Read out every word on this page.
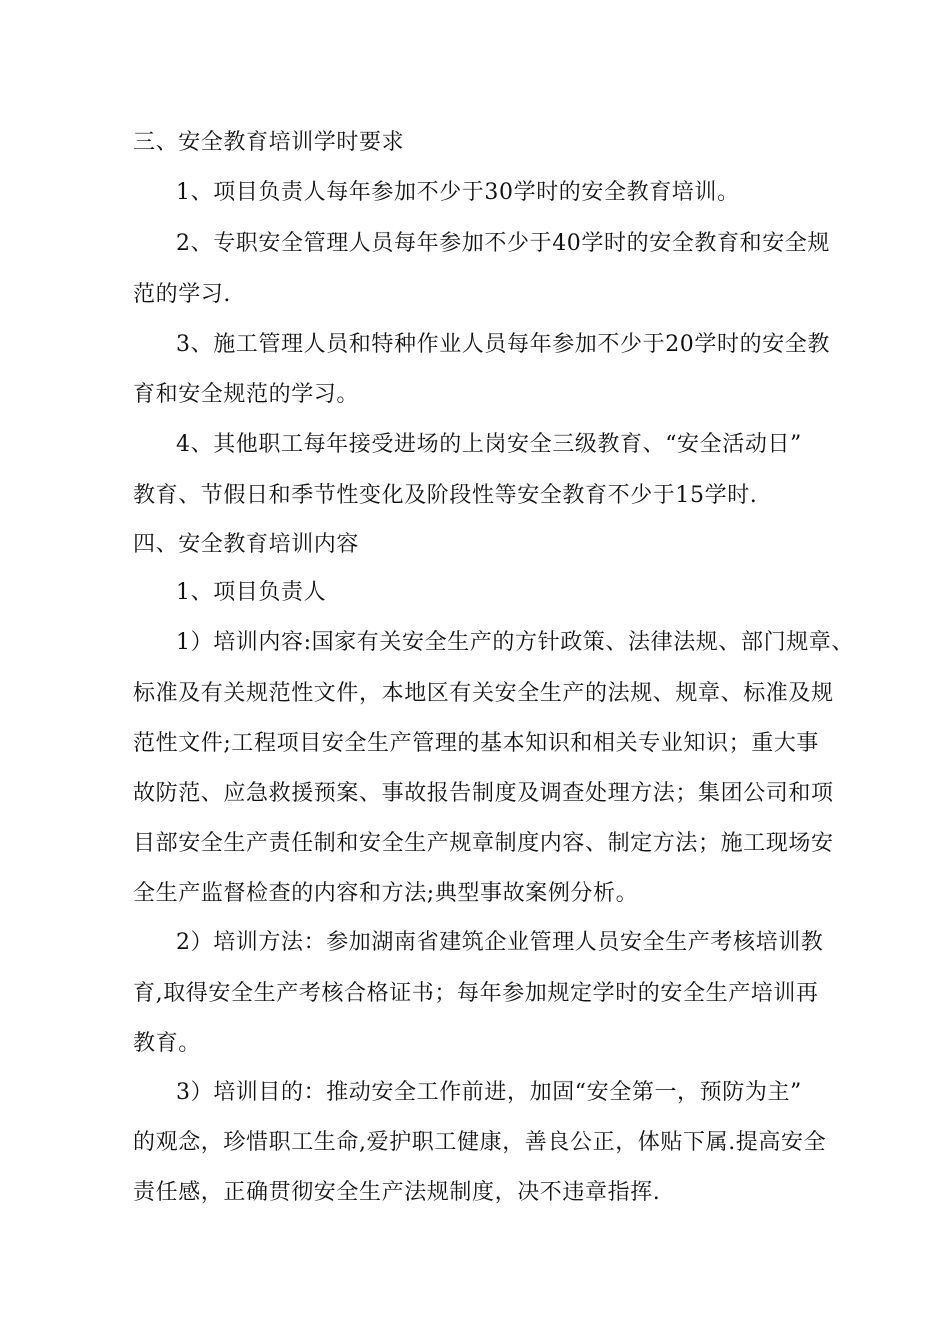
三、安全教育培训学时要求
1、项目负责人每年参加不少于30学时的安全教育培训。
2、专职安全管理人员每年参加不少于40学时的安全教育和安全规
范的学习.
3、施工管理人员和特种作业人员每年参加不少于20学时的安全教
育和安全规范的学习。
4、其他职工每年接受进场的上岗安全三级教育、“安全活动日”
教育、节假日和季节性变化及阶段性等安全教育不少于15学时.
四、安全教育培训内容
1、项目负责人
1）培训内容:国家有关安全生产的方针政策、法律法规、部门规章、
标准及有关规范性文件，本地区有关安全生产的法规、规章、标准及规
范性文件;工程项目安全生产管理的基本知识和相关专业知识；重大事
故防范、应急救援预案、事故报告制度及调查处理方法；集团公司和项
目部安全生产责任制和安全生产规章制度内容、制定方法；施工现场安
全生产监督检查的内容和方法;典型事故案例分析。
2）培训方法：参加湖南省建筑企业管理人员安全生产考核培训教
育,取得安全生产考核合格证书；每年参加规定学时的安全生产培训再
教育。
3）培训目的：推动安全工作前进，加固“安全第一，预防为主”
的观念，珍惜职工生命,爱护职工健康，善良公正，体贴下属.提高安全
责任感，正确贯彻安全生产法规制度，决不违章指挥.
